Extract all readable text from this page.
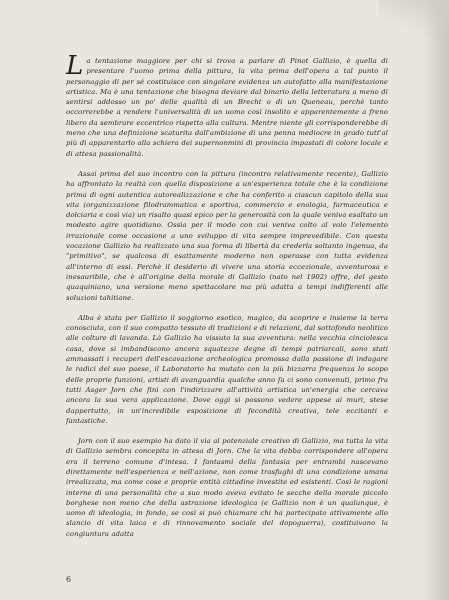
La tentazione maggiore per chi si trova a parlare di Pinot Gallizio, è quella di presentare l'uomo prima della pittura, la vita prima dell'opera a tal punto il personaggio di per sé costituisce con singolare evidenza un autofatto alla manifestazione artistica. Ma è una tentazione che bisogna deviare dal binario della letteratura a meno di sentirsi addosso un po' delle qualità di un Brecht o di un Queneau, perchè tanto occorrerebbe a rendere l'universalità di un uomo così insolito e apparentemente a freno libero da sembrare eccentrico rispetto alla cultura. Mentre niente gli corrisponderebbe di meno che una definizione scaturita dall'ambizione di una penna mediocre in grado tutt'al più di apparentarlo alla schiera dei supernonmini di provincia impastati di colore locale e di attesa passionalità.

Assai prima del suo incontro con la pittura (incontro relativamente recente), Gallizio ha affrontato la realtà con quella disposizione a un'esperienza totale che è la condizione prima di ogni autentica autorealizzazione e che ha conferito a ciascun capitolo della sua vita (organizzazione filodrammatica e sportiva, commercio e enologia, farmaceutica e dolciaria e così via) un risalto quasi epico per la generosità con la quale veniva esaltato un modesto agire quotidiano. Ossia per il modo con cui veniva colto al volo l'elemento irrazionale come occasione a uno sviluppo di vita sempre imprevedibile. Con questa vocazione Gallizio ha realizzato una sua forma di libertà da crederla soltanto ingenua, da "primitivo", se qualcosa di esattamente moderno non operasse con tutta evidenza all'interno di essi. Perchè il desiderio di vivere una storia eccezionale, avventurosa e inesauribile, che è all'origine della morale di Gallizio (nato nel 1902) offre, del gesto quaquiniano, una versione meno spettacolare ma più adatta a tempi indifferenti alle soluzioni tahitiane.

Alba è stata per Gallizio il soggiorno esotico, magico, da scoprire e insieme la terra conosciuta, con il suo compatto tessuto di tradizioni e di relazioni, dal sottofondo neolitico alle colture di lavanda. Là Gallizio ha vissuto la sua avventura: nella vecchia cinciolesca casa, dove si imbandiscono ancora squatezze degne di tempi patriarcali, sono stati ammassati i recuperi dell'escavazione archeologica promossa dalla passione di indagare le radici del suo paese, il Laboratorio ha mutato con la più bizzarra frequenza lo scopo delle proprie funzioni, artisti di avanguardia qualche anno fa ci sono convenuti, primo fra tutti Asger Jorn che fini con l'indirizzare all'attività artistica un'energia che cercava ancora la sua vera applicazione. Dove oggi si possono vedere appese ai muri, stese dappertutto, in un'incredibile esposizione di fecondità creativa, tele eccitanti e fantastiche.

Jorn con il suo esempio ha dato il via al potenziale creativo di Gallizio, ma tutta la vita di Gallizio sembra concepita in attesa di Jorn. Che la vita debba corrispondere all'opera era il terreno comune d'intesa. I fantasmi della fantasia per entrambi nascevano direttamente nell'esperienza e nell'azione, non come trasfughi di una condizione umana irrealizzata, ma come cose e proprie entità cittadine investite ed esistenti. Così le ragioni interne di una personalità che a suo modo aveva evitato le secche della morale piccolo borghese non meno che della astrazione ideologica (e Gallizio non è un qualunque, è uomo di ideologia, in fondo, se così si può chiamare chi ha partecipato attivamente allo slancio di vita laica e di rinnovamento sociale del dopoguerra), costituivano la congiuntura adatta

6
